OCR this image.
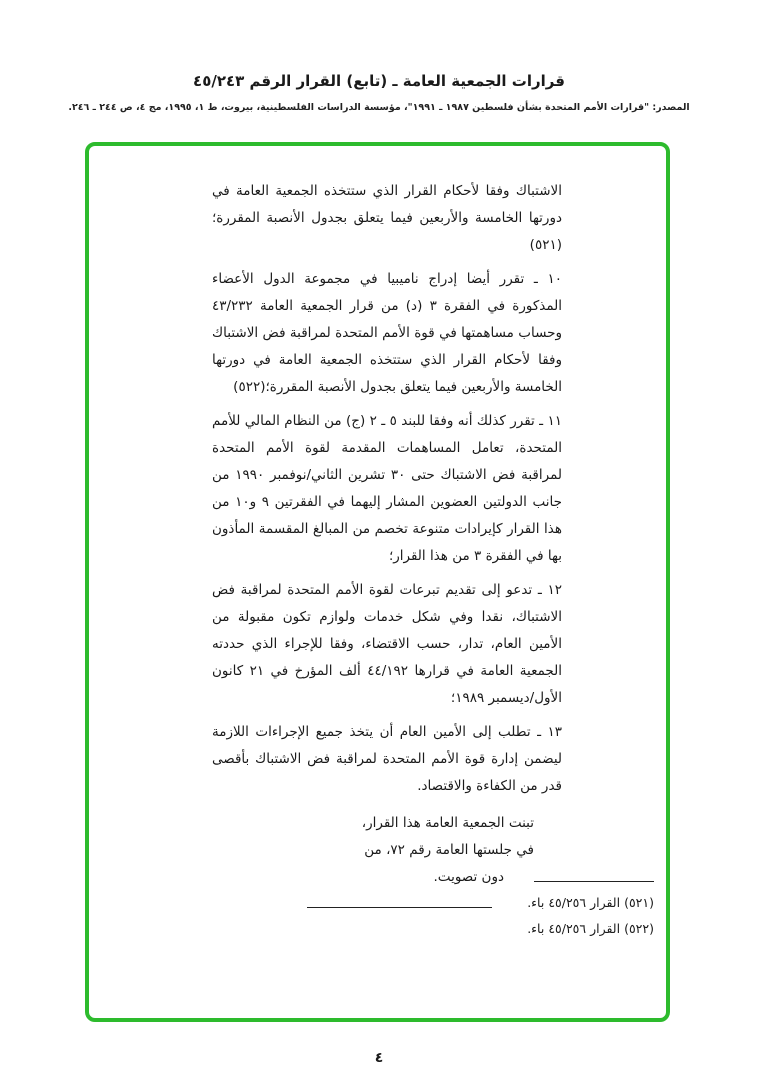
قرارات الجمعية العامة ـ (تابع) القرار الرقم ٤٥/٢٤٣
المصدر: "قرارات الأمم المتحدة بشأن فلسطين ١٩٨٧ ـ ١٩٩١"، مؤسسة الدراسات الفلسطينية، بيروت، ط ١، ١٩٩٥، مج ٤، ص ٢٤٤ ـ ٢٤٦.

الاشتباك وفقا لأحكام القرار الذي ستتخذه الجمعية العامة في دورتها الخامسة والأربعين فيما يتعلق بجدول الأنصبة المقررة؛(٥٢١)

١٠ ـ تقرر أيضا إدراج ناميبيا في مجموعة الدول الأعضاء المذكورة في الفقرة ٣ (د) من قرار الجمعية العامة ٤٣/٢٣٢ وحساب مساهمتها في قوة الأمم المتحدة لمراقبة فض الاشتباك وفقا لأحكام القرار الذي ستتخذه الجمعية العامة في دورتها الخامسة والأربعين فيما يتعلق بجدول الأنصبة المقررة؛(٥٢٢)

١١ ـ تقرر كذلك أنه وفقا للبند ٥ ـ ٢ (ج) من النظام المالي للأمم المتحدة، تعامل المساهمات المقدمة لقوة الأمم المتحدة لمراقبة فض الاشتباك حتى ٣٠ تشرين الثاني/نوفمبر ١٩٩٠ من جانب الدولتين العضوين المشار إليهما في الفقرتين ٩ و١٠ من هذا القرار كإيرادات متنوعة تخصم من المبالغ المقسمة المأذون بها في الفقرة ٣ من هذا القرار؛

١٢ ـ تدعو إلى تقديم تبرعات لقوة الأمم المتحدة لمراقبة فض الاشتباك، نقدا وفي شكل خدمات ولوازم تكون مقبولة من الأمين العام، تدار، حسب الاقتضاء، وفقا للإجراء الذي حددته الجمعية العامة في قرارها ٤٤/١٩٢ ألف المؤرخ في ٢١ كانون الأول/ديسمبر ١٩٨٩؛

١٣ ـ تطلب إلى الأمين العام أن يتخذ جميع الإجراءات اللازمة ليضمن إدارة قوة الأمم المتحدة لمراقبة فض الاشتباك بأقصى قدر من الكفاءة والاقتصاد.

تبنت الجمعية العامة هذا القرار،
في جلستها العامة رقم ٧٢، من
دون تصويت.
(٥٢١) القرار ٤٥/٢٥٦ باء.
(٥٢٢) القرار ٤٥/٢٥٦ باء.
٤
